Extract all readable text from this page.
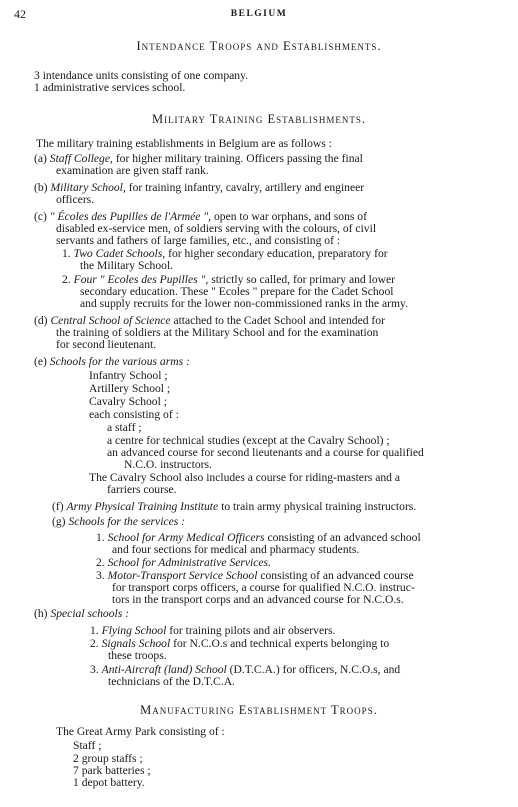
42	BELGIUM
Intendance Troops and Establishments.
3 intendance units consisting of one company.
1 administrative services school.
Military Training Establishments.
The military training establishments in Belgium are as follows :
(a) Staff College, for higher military training. Officers passing the final
examination are given staff rank.
(b) Military School, for training infantry, cavalry, artillery and engineer
officers.
(c) " Écoles des Pupilles de l'Armée ", open to war orphans, and sons of
disabled ex-service men, of soldiers serving with the colours, of civil
servants and fathers of large families, etc., and consisting of :
1. Two Cadet Schools, for higher secondary education, preparatory for
the Military School.
2. Four " Ecoles des Pupilles ", strictly so called, for primary and lower
secondary education. These " Ecoles " prepare for the Cadet School
and supply recruits for the lower non-commissioned ranks in the army.
(d) Central School of Science attached to the Cadet School and intended for
the training of soldiers at the Military School and for the examination
for second lieutenant.
(e) Schools for the various arms :
Infantry School ;
Artillery School ;
Cavalry School ;
each consisting of :
a staff ;
a centre for technical studies (except at the Cavalry School) ;
an advanced course for second lieutenants and a course for qualified
N.C.O. instructors.
The Cavalry School also includes a course for riding-masters and a
farriers course.
(f) Army Physical Training Institute to train army physical training instructors.
(g) Schools for the services :
1. School for Army Medical Officers consisting of an advanced school
and four sections for medical and pharmacy students.
2. School for Administrative Services.
3. Motor-Transport Service School consisting of an advanced course
for transport corps officers, a course for qualified N.C.O. instruc-
tors in the transport corps and an advanced course for N.C.O.s.
(h) Special schools :
1. Flying School for training pilots and air observers.
2. Signals School for N.C.O.s and technical experts belonging to
these troops.
3. Anti-Aircraft (land) School (D.T.C.A.) for officers, N.C.O.s, and
technicians of the D.T.C.A.
Manufacturing Establishment Troops.
The Great Army Park consisting of :
Staff ;
2 group staffs ;
7 park batteries ;
1 depot battery.
